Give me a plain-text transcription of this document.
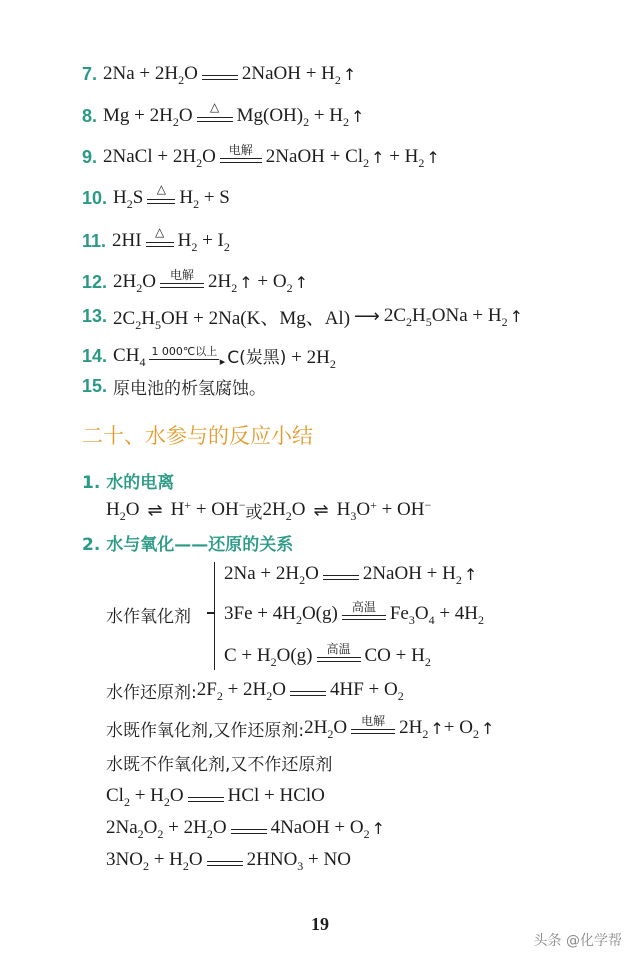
7. $2Na + 2H_2O$ 2NaOH + $H_2$ ↑
8. $Mg + 2H_2O$ △ $Mg(OH)_2 + H_2$ ↑
9. 2NaCl + $2H_2O$ 电解 2NaOH + $Cl_2$ ↑ + $H_2$ ↑
10. $H_2S$ △ $H_2 + S$
11. 2HI △ $H_2 + I_2$
12. $2H_2O$ 电解 $2H_2$ ↑ + $O_2$ ↑
13. $2C_2H_5OH + 2Na(K$、Mg、Al) ⟶ $2C_2H_5ONa + H_2$ ↑
14. $CH_4$
1 000℃以上
▸ C(炭黑) + $2H_2$
15. 原电池的析氢腐蚀。
二十、水参与的反应小结
1. 水的电离
$H_2O$ ⇌ H+ + OH− 或 $2H_2O$ ⇌ $H_3O^+ + OH^-$
2. 水与氧化——还原的关系
水作氧化剂
$2Na + 2H_2O$ 2NaOH + $H_2$ ↑
$3Fe + 4H_2O(g)$ 高温 $Fe_3O_4 + 4H_2$
$C + H_2O(g)$ 高温 CO + $H_2$
水作还原剂: $2F_2 + 2H_2O$ $4HF + O_2$
水既作氧化剂,又作还原剂: $2H_2O$ 电解 $2H_2$ ↑ + $O_2$ ↑
水既不作氧化剂,又不作还原剂
$Cl_2 + H_2O$ HCl + HClO
$2Na_2O_2 + 2H_2O$ 4NaOH + $O_2$ ↑
$3NO_2 + H_2O$ $2HNO_3$ + NO
19
头条 @化学帮
